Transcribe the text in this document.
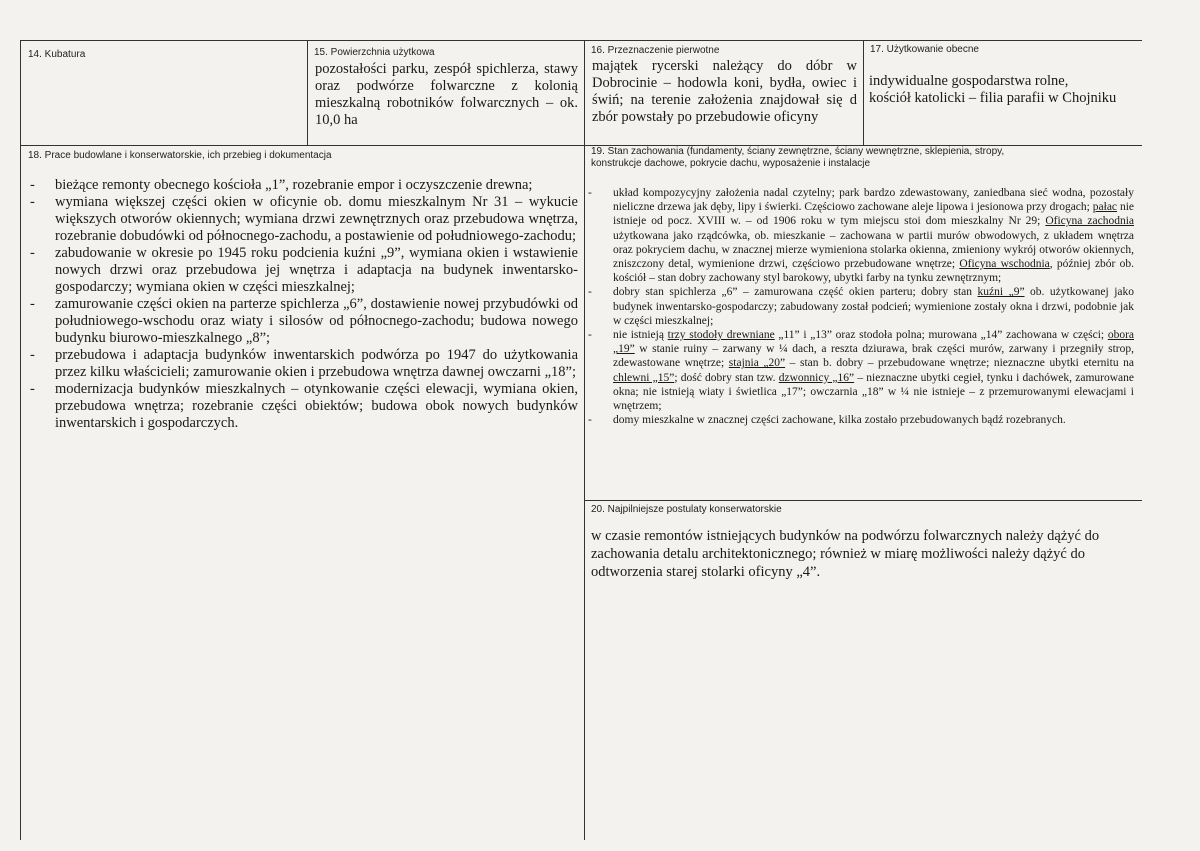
14. Kubatura	15. Powierzchnia użytkowa
pozostałości parku, zespół spichlerza, stawy oraz podwórze folwarczne z kolonią mieszkalną robotników folwarcznych – ok. 10,0 ha
16. Przeznaczenie pierwotne
majątek rycerski należący do dóbr w Dobrocinie – hodowla koni, bydła, owiec i świń; na terenie założenia znajdował się d zbór powstały po przebudowie oficyny
17. Użytkowanie obecne
indywidualne gospodarstwa rolne,
kościół katolicki – filia parafii w Chojniku
18. Prace budowlane i konserwatorskie, ich przebieg i dokumentacja
- bieżące remonty obecnego kościoła „1”, rozebranie empor i oczyszczenie drewna;
- wymiana większej części okien w oficynie ob. domu mieszkalnym Nr 31 – wykucie większych otworów okiennych; wymiana drzwi zewnętrznych oraz przebudowa wnętrza, rozebranie dobudówki od północnego-zachodu, a postawienie od południowego-zachodu;
- zabudowanie w okresie po 1945 roku podcienia kuźni „9”, wymiana okien i wstawienie nowych drzwi oraz przebudowa jej wnętrza i adaptacja na budynek inwentarsko-gospodarczy; wymiana okien w części mieszkalnej;
- zamurowanie części okien na parterze spichlerza „6”, dostawienie nowej przybudówki od południowego-wschodu oraz wiaty i silosów od północnego-zachodu; budowa nowego budynku biurowo-mieszkalnego „8”;
- przebudowa i adaptacja budynków inwentarskich podwórza po 1947 do użytkowania przez kilku właścicieli; zamurowanie okien i przebudowa wnętrza dawnej owczarni „18”;
- modernizacja budynków mieszkalnych – otynkowanie części elewacji, wymiana okien, przebudowa wnętrza; rozebranie części obiektów; budowa obok nowych budynków inwentarskich i gospodarczych.
19. Stan zachowania (fundamenty, ściany zewnętrzne, ściany wewnętrzne, sklepienia, stropy,
konstrukcje dachowe, pokrycie dachu, wyposażenie i instalacje
- układ kompozycyjny założenia nadal czytelny; park bardzo zdewastowany, zaniedbana sieć wodna, pozostały nieliczne drzewa jak dęby, lipy i świerki. Częściowo zachowane aleje lipowa i jesionowa przy drogach; pałac nie istnieje od pocz. XVIII w. – od 1906 roku w tym miejscu stoi dom mieszkalny Nr 29; Oficyna zachodnia użytkowana jako rządcówka, ob. mieszkanie – zachowana w partii murów obwodowych, z układem wnętrza oraz pokryciem dachu, w znacznej mierze wymieniona stolarka okienna, zmieniony wykrój otworów okiennych, zniszczony detal, wymienione drzwi, częściowo przebudowane wnętrze; Oficyna wschodnia, później zbór ob. kościół – stan dobry zachowany styl barokowy, ubytki farby na tynku zewnętrznym;
- dobry stan spichlerza „6” – zamurowana część okien parteru; dobry stan kuźni „9” ob. użytkowanej jako budynek inwentarsko-gospodarczy; zabudowany został podcień; wymienione zostały okna i drzwi, podobnie jak w części mieszkalnej;
- nie istnieją trzy stodoły drewniane „11” i „13” oraz stodoła polna; murowana „14” zachowana w części; obora „19” w stanie ruiny – zarwany w ¼ dach, a reszta dziurawa, brak części murów, zarwany i przegniły strop, zdewastowane wnętrze; stajnia „20” – stan b. dobry – przebudowane wnętrze; nieznaczne ubytki eternitu na chlewni „15”; dość dobry stan tzw. dzwonnicy „16” – nieznaczne ubytki cegieł, tynku i dachówek, zamurowane okna; nie istnieją wiaty i świetlica „17”; owczarnia „18” w ¼ nie istnieje – z przemurowanymi elewacjami i wnętrzem;
- domy mieszkalne w znacznej części zachowane, kilka zostało przebudowanych bądź rozebranych.
20. Najpilniejsze postulaty konserwatorskie
w czasie remontów istniejących budynków na podwórzu folwarcznych należy dążyć do
zachowania detalu architektonicznego; również w miarę możliwości należy dążyć do
odtworzenia starej stolarki oficyny „4”.
